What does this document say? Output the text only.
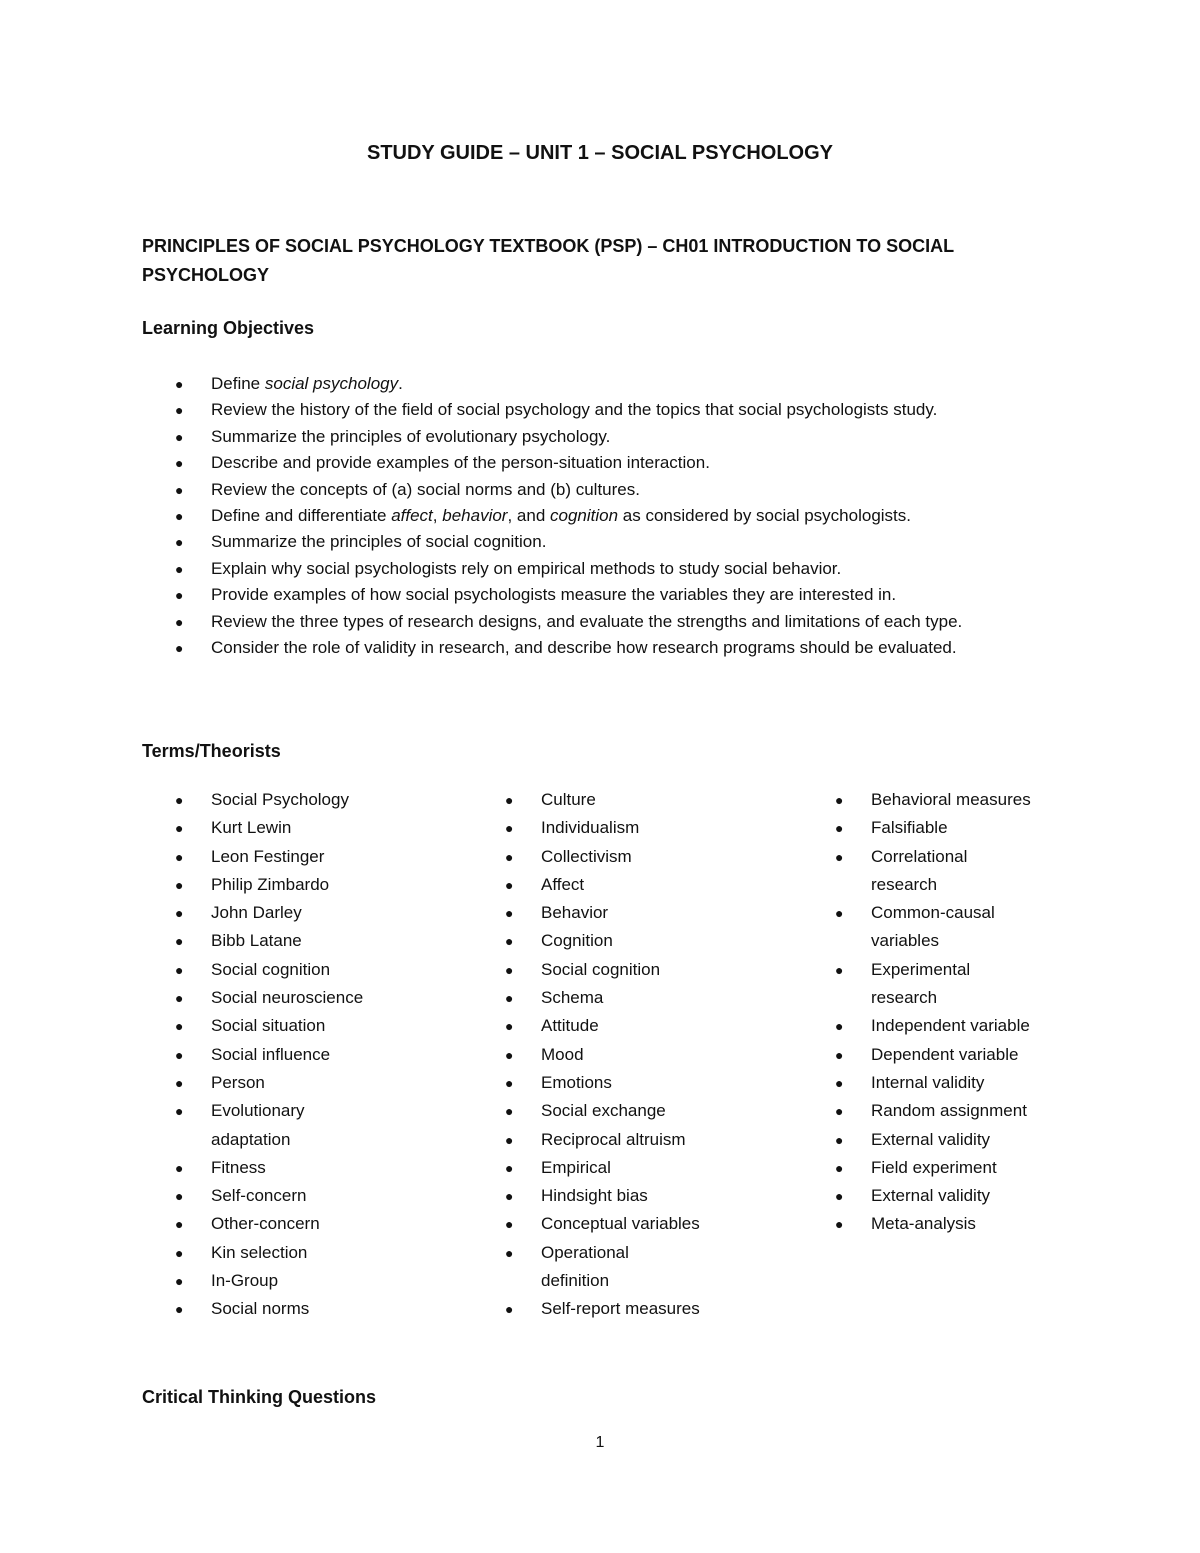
STUDY GUIDE – UNIT 1 – SOCIAL PSYCHOLOGY
PRINCIPLES OF SOCIAL PSYCHOLOGY TEXTBOOK (PSP) – CH01 INTRODUCTION TO SOCIAL PSYCHOLOGY
Learning Objectives
● Define social psychology.
● Review the history of the field of social psychology and the topics that social psychologists study.
● Summarize the principles of evolutionary psychology.
● Describe and provide examples of the person-situation interaction.
● Review the concepts of (a) social norms and (b) cultures.
● Define and differentiate affect, behavior, and cognition as considered by social psychologists.
● Summarize the principles of social cognition.
● Explain why social psychologists rely on empirical methods to study social behavior.
● Provide examples of how social psychologists measure the variables they are interested in.
● Review the three types of research designs, and evaluate the strengths and limitations of each type.
● Consider the role of validity in research, and describe how research programs should be evaluated.
Terms/Theorists
● Social Psychology
● Kurt Lewin
● Leon Festinger
● Philip Zimbardo
● John Darley
● Bibb Latane
● Social cognition
● Social neuroscience
● Social situation
● Social influence
● Person
● Evolutionary adaptation
● Fitness
● Self-concern
● Other-concern
● Kin selection
● In-Group
● Social norms
● Culture
● Individualism
● Collectivism
● Affect
● Behavior
● Cognition
● Social cognition
● Schema
● Attitude
● Mood
● Emotions
● Social exchange
● Reciprocal altruism
● Empirical
● Hindsight bias
● Conceptual variables
● Operational definition
● Self-report measures
● Behavioral measures
● Falsifiable
● Correlational research
● Common-causal variables
● Experimental research
● Independent variable
● Dependent variable
● Internal validity
● Random assignment
● External validity
● Field experiment
● External validity
● Meta-analysis
Critical Thinking Questions
1
